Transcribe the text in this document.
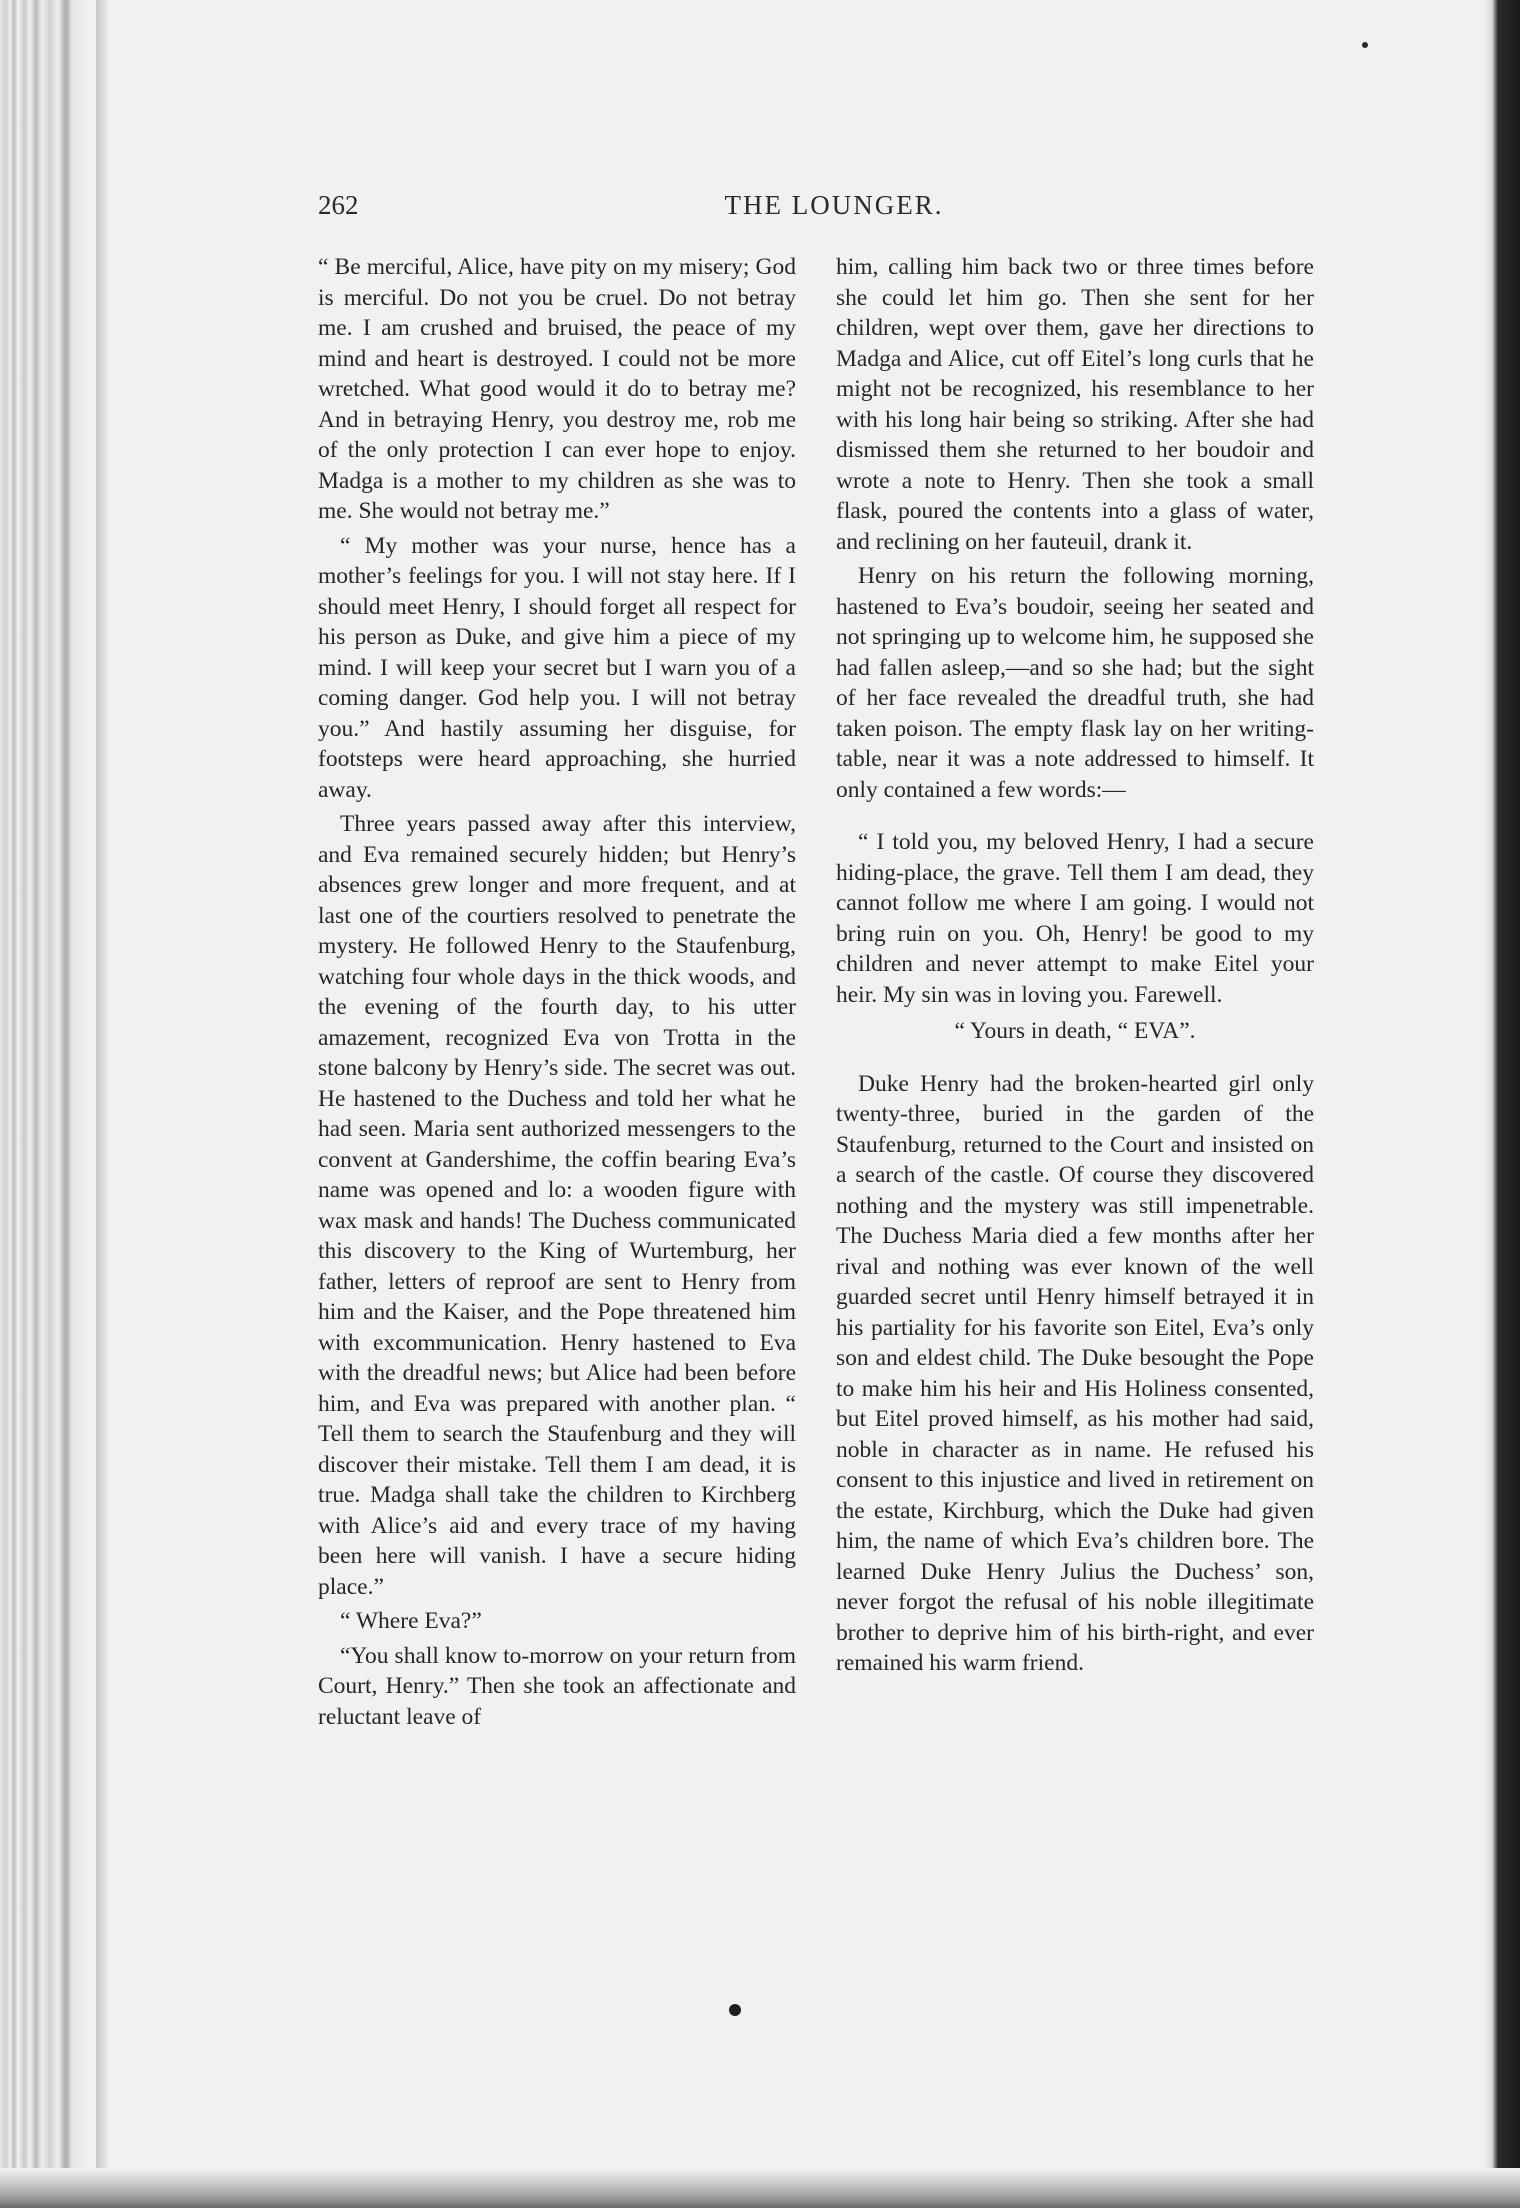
262	THE LOUNGER.

“ Be merciful, Alice, have pity on my misery; God is merciful. Do not you be cruel. Do not betray me. I am crushed and bruised, the peace of my mind and heart is destroyed. I could not be more wretched. What good would it do to betray me? And in betraying Henry, you destroy me, rob me of the only protection I can ever hope to enjoy. Madga is a mother to my children as she was to me. She would not betray me.”

“ My mother was your nurse, hence has a mother’s feelings for you. I will not stay here. If I should meet Henry, I should forget all respect for his person as Duke, and give him a piece of my mind. I will keep your secret but I warn you of a coming danger. God help you. I will not betray you.” And hastily assuming her disguise, for footsteps were heard approaching, she hurried away.

Three years passed away after this interview, and Eva remained securely hidden; but Henry’s absences grew longer and more frequent, and at last one of the courtiers resolved to penetrate the mystery. He followed Henry to the Staufenburg, watching four whole days in the thick woods, and the evening of the fourth day, to his utter amazement, recognized Eva von Trotta in the stone balcony by Henry’s side. The secret was out. He hastened to the Duchess and told her what he had seen. Maria sent authorized messengers to the convent at Gandershime, the coffin bearing Eva’s name was opened and lo: a wooden figure with wax mask and hands! The Duchess communicated this discovery to the King of Wurtemburg, her father, letters of reproof are sent to Henry from him and the Kaiser, and the Pope threatened him with excommunication. Henry hastened to Eva with the dreadful news; but Alice had been before him, and Eva was prepared with another plan. “ Tell them to search the Staufenburg and they will discover their mistake. Tell them I am dead, it is true. Madga shall take the children to Kirchberg with Alice’s aid and every trace of my having been here will vanish. I have a secure hiding place.”

“ Where Eva?”

“You shall know to-morrow on your return from Court, Henry.” Then she took an affectionate and reluctant leave of

him, calling him back two or three times before she could let him go. Then she sent for her children, wept over them, gave her directions to Madga and Alice, cut off Eitel’s long curls that he might not be recognized, his resemblance to her with his long hair being so striking. After she had dismissed them she returned to her boudoir and wrote a note to Henry. Then she took a small flask, poured the contents into a glass of water, and reclining on her fauteuil, drank it.

Henry on his return the following morning, hastened to Eva’s boudoir, seeing her seated and not springing up to welcome him, he supposed she had fallen asleep,—and so she had; but the sight of her face revealed the dreadful truth, she had taken poison. The empty flask lay on her writing-table, near it was a note addressed to himself. It only contained a few words:—

“ I told you, my beloved Henry, I had a secure hiding-place, the grave. Tell them I am dead, they cannot follow me where I am going. I would not bring ruin on you. Oh, Henry! be good to my children and never attempt to make Eitel your heir. My sin was in loving you. Farewell.

“ Yours in death, “ EVA”.

Duke Henry had the broken-hearted girl only twenty-three, buried in the garden of the Staufenburg, returned to the Court and insisted on a search of the castle. Of course they discovered nothing and the mystery was still impenetrable. The Duchess Maria died a few months after her rival and nothing was ever known of the well guarded secret until Henry himself betrayed it in his partiality for his favorite son Eitel, Eva’s only son and eldest child. The Duke besought the Pope to make him his heir and His Holiness consented, but Eitel proved himself, as his mother had said, noble in character as in name. He refused his consent to this injustice and lived in retirement on the estate, Kirchburg, which the Duke had given him, the name of which Eva’s children bore. The learned Duke Henry Julius the Duchess’ son, never forgot the refusal of his noble illegitimate brother to deprive him of his birth-right, and ever remained his warm friend.
